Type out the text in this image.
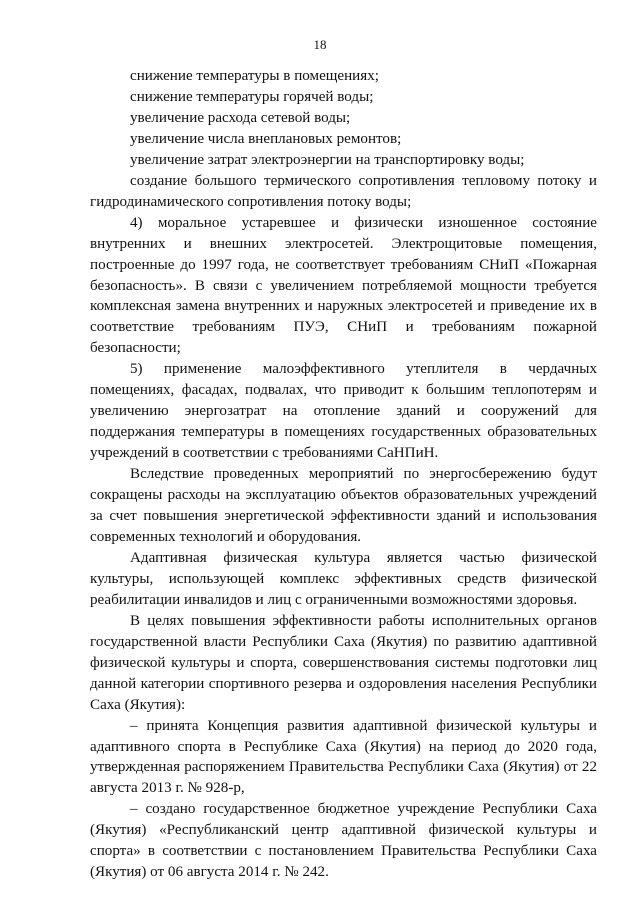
18

снижение температуры в помещениях;

снижение температуры горячей воды;

увеличение расхода сетевой воды;

увеличение числа внеплановых ремонтов;

увеличение затрат электроэнергии на транспортировку воды;

создание большого термического сопротивления тепловому потоку и гидродинамического сопротивления потоку воды;

4) моральное устаревшее и физически изношенное состояние внутренних и внешних электросетей. Электрощитовые помещения, построенные до 1997 года, не соответствует требованиям СНиП «Пожарная безопасность». В связи с увеличением потребляемой мощности требуется комплексная замена внутренних и наружных электросетей и приведение их в соответствие требованиям ПУЭ, СНиП и требованиям пожарной безопасности;

5) применение малоэффективного утеплителя в чердачных помещениях, фасадах, подвалах, что приводит к большим теплопотерям и увеличению энергозатрат на отопление зданий и сооружений для поддержания температуры в помещениях государственных образовательных учреждений в соответствии с требованиями СаНПиН.

Вследствие проведенных мероприятий по энергосбережению будут сокращены расходы на эксплуатацию объектов образовательных учреждений за счет повышения энергетической эффективности зданий и использования современных технологий и оборудования.

Адаптивная физическая культура является частью физической культуры, использующей комплекс эффективных средств физической реабилитации инвалидов и лиц с ограниченными возможностями здоровья.

В целях повышения эффективности работы исполнительных органов государственной власти Республики Саха (Якутия) по развитию адаптивной физической культуры и спорта, совершенствования системы подготовки лиц данной категории спортивного резерва и оздоровления населения Республики Саха (Якутия):

– принята Концепция развития адаптивной физической культуры и адаптивного спорта в Республике Саха (Якутия) на период до 2020 года, утвержденная распоряжением Правительства Республики Саха (Якутия) от 22 августа 2013 г. № 928-р,

– создано государственное бюджетное учреждение Республики Саха (Якутия) «Республиканский центр адаптивной физической культуры и спорта» в соответствии с постановлением Правительства Республики Саха (Якутия) от 06 августа 2014 г. № 242.
